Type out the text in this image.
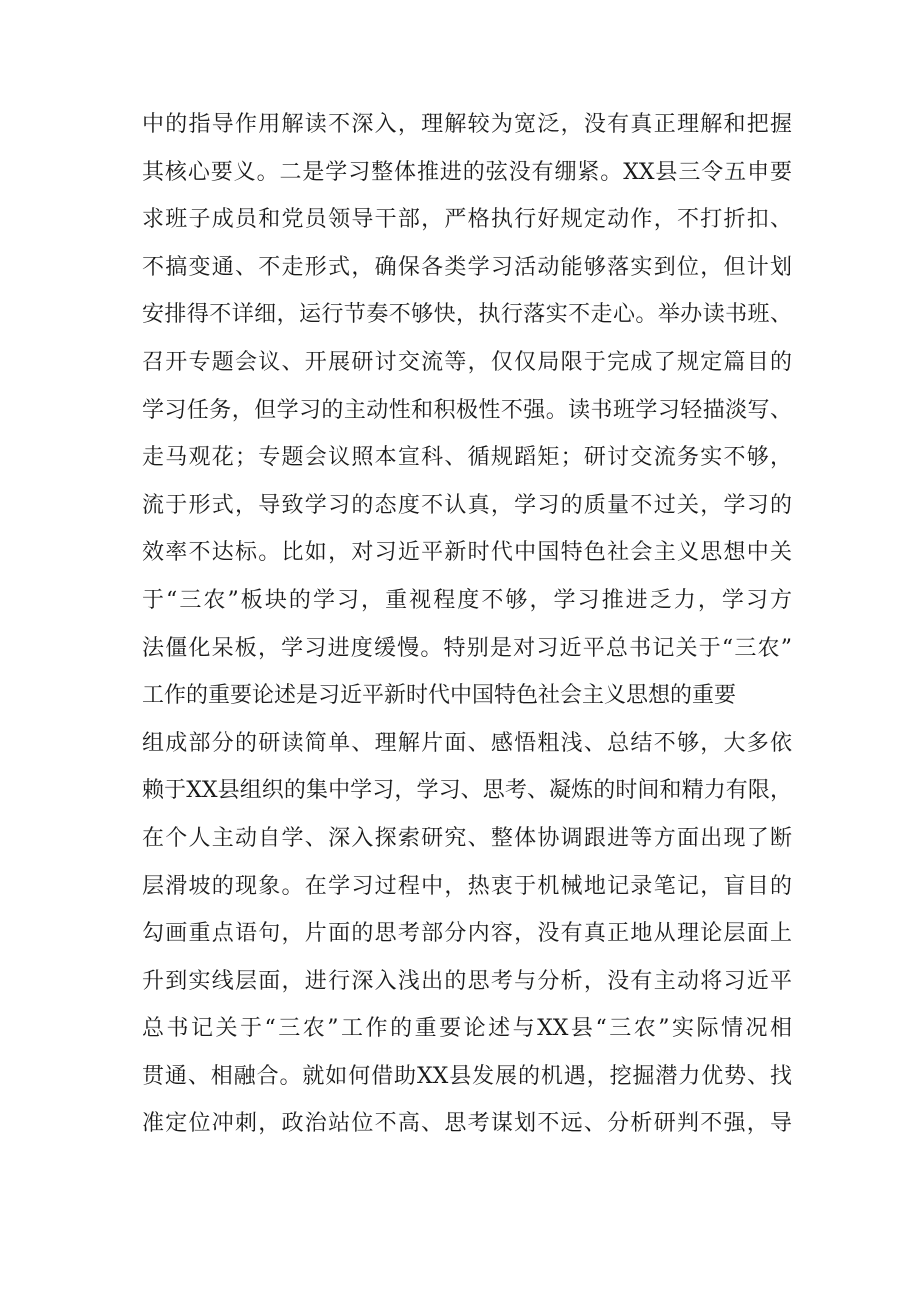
中的指导作用解读不深入，理解较为宽泛，没有真正理解和把握
其核心要义。二是学习整体推进的弦没有绷紧。XX县三令五申要
求班子成员和党员领导干部，严格执行好规定动作，不打折扣、
不搞变通、不走形式，确保各类学习活动能够落实到位，但计划
安排得不详细，运行节奏不够快，执行落实不走心。举办读书班、
召开专题会议、开展研讨交流等，仅仅局限于完成了规定篇目的
学习任务，但学习的主动性和积极性不强。读书班学习轻描淡写、
走马观花；专题会议照本宣科、循规蹈矩；研讨交流务实不够，
流于形式，导致学习的态度不认真，学习的质量不过关，学习的
效率不达标。比如，对习近平新时代中国特色社会主义思想中关
于“三农”板块的学习，重视程度不够，学习推进乏力，学习方
法僵化呆板，学习进度缓慢。特别是对习近平总书记关于“三农”
工作的重要论述是习近平新时代中国特色社会主义思想的重要
组成部分的研读简单、理解片面、感悟粗浅、总结不够，大多依
赖于XX县组织的集中学习，学习、思考、凝炼的时间和精力有限，
在个人主动自学、深入探索研究、整体协调跟进等方面出现了断
层滑坡的现象。在学习过程中，热衷于机械地记录笔记，盲目的
勾画重点语句，片面的思考部分内容，没有真正地从理论层面上
升到实线层面，进行深入浅出的思考与分析，没有主动将习近平
总书记关于“三农”工作的重要论述与XX县“三农”实际情况相
贯通、相融合。就如何借助XX县发展的机遇，挖掘潜力优势、找
准定位冲刺，政治站位不高、思考谋划不远、分析研判不强，导
